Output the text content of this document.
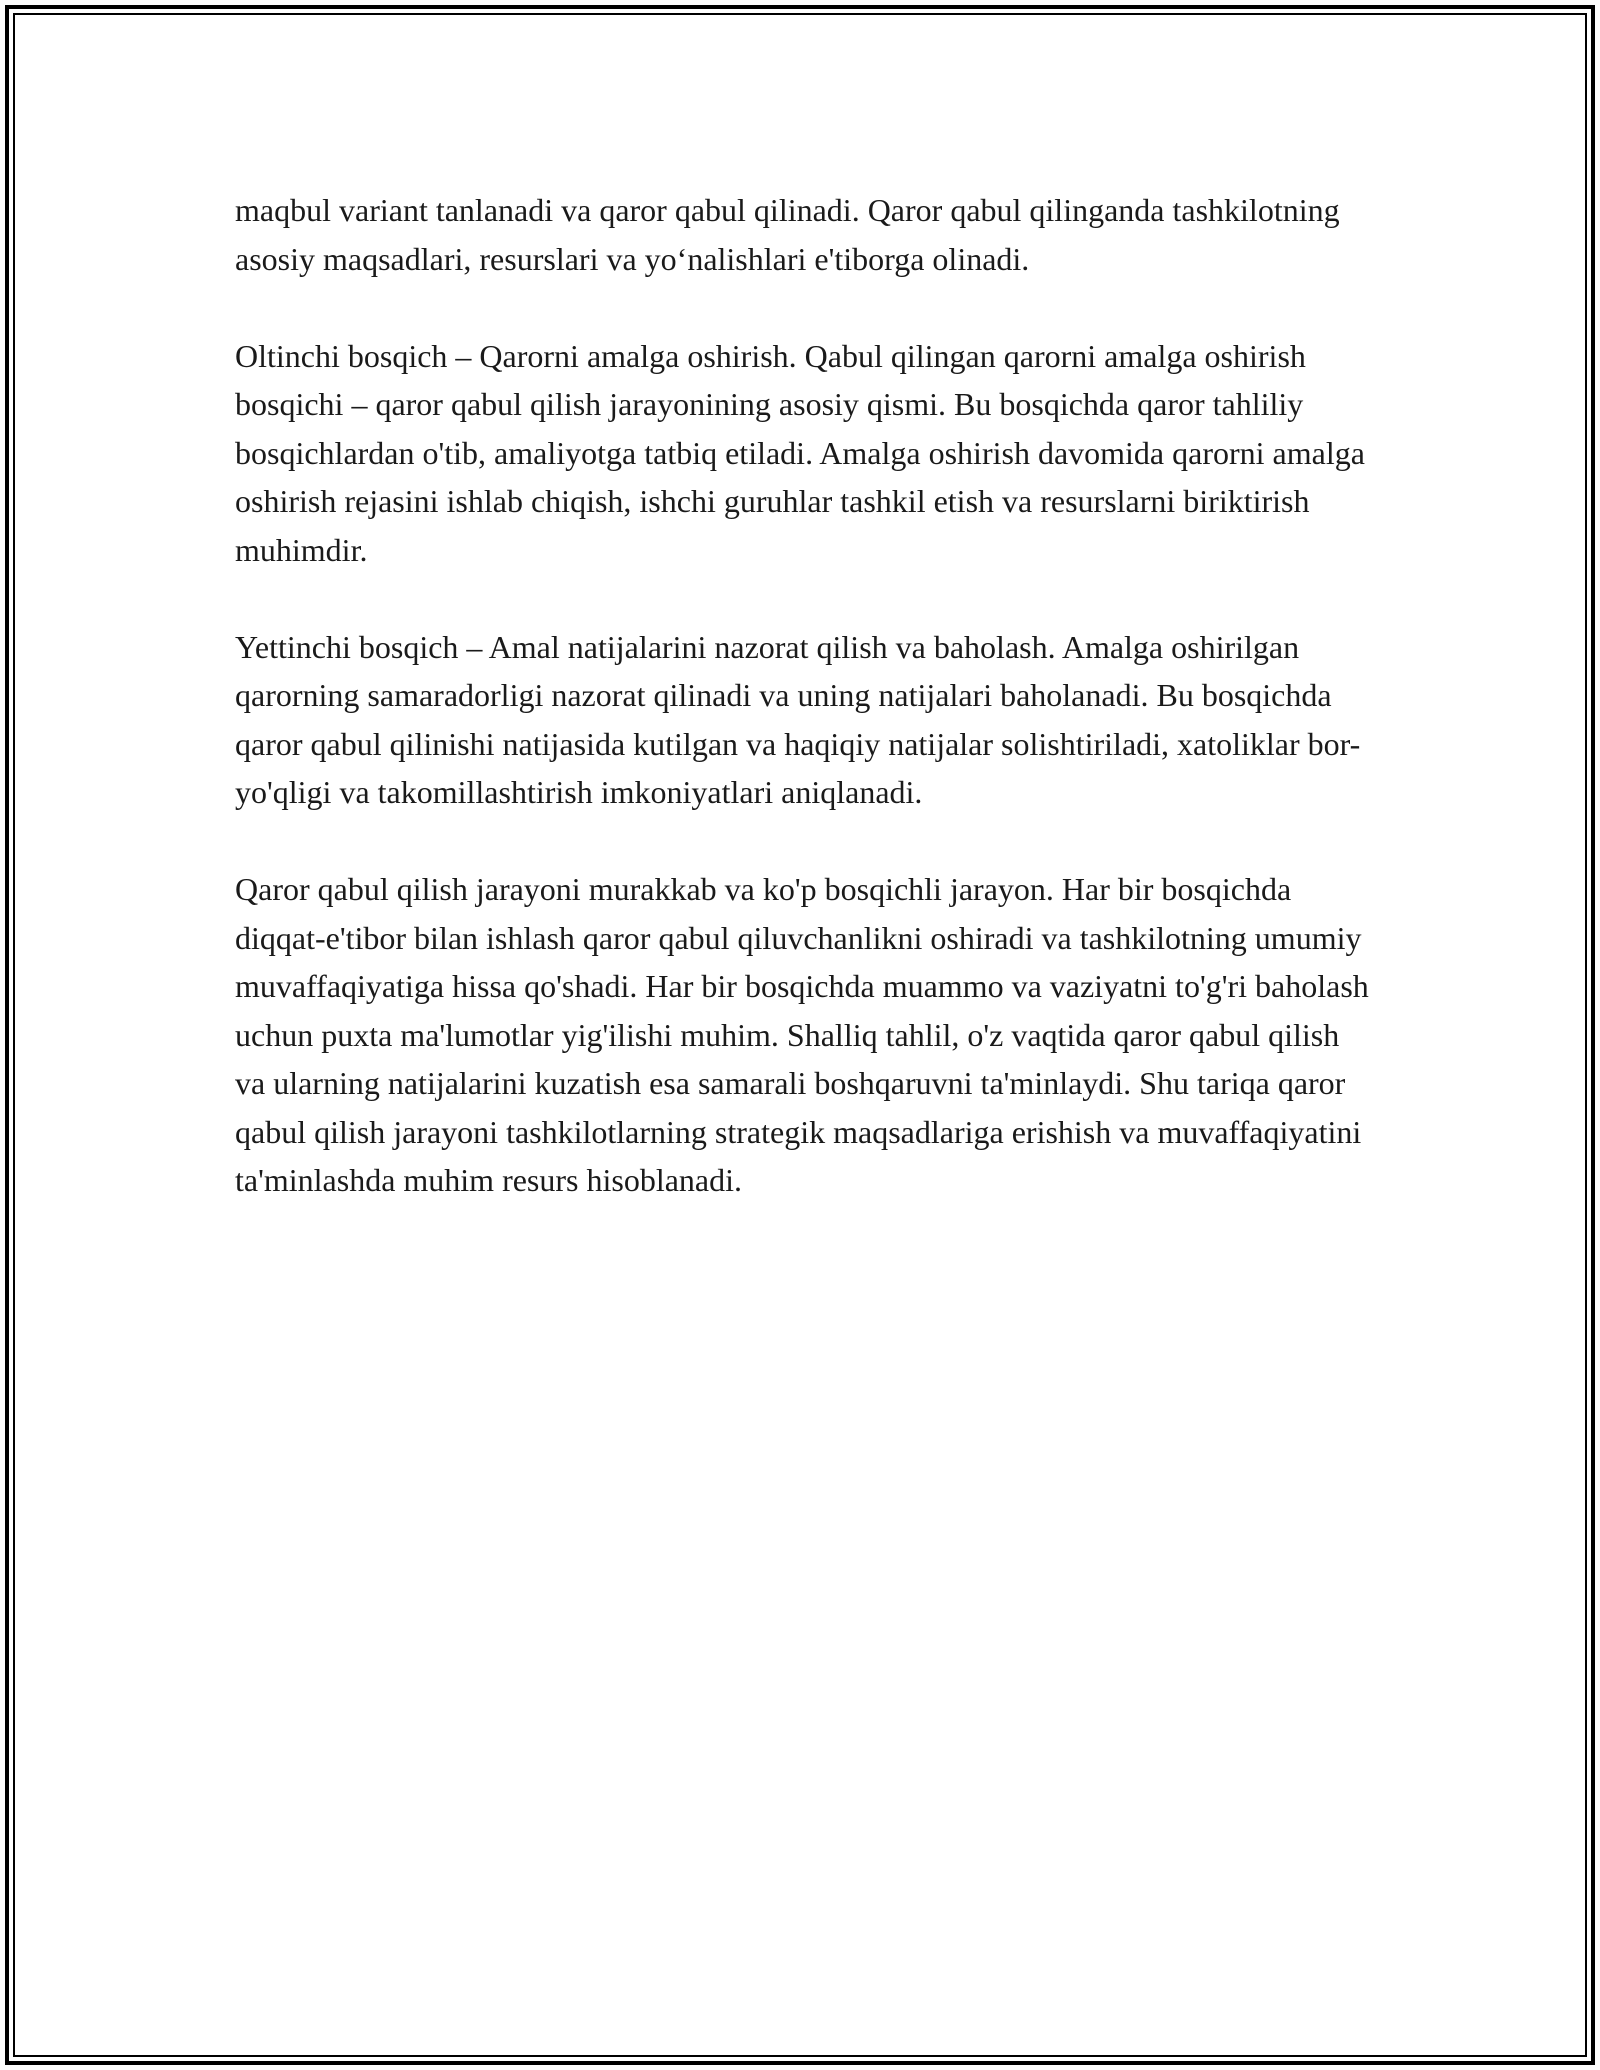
maqbul variant tanlanadi va qaror qabul qilinadi. Qaror qabul qilinganda tashkilotning asosiy maqsadlari, resurslari va yo‘nalishlari e'tiborga olinadi.

Oltinchi bosqich – Qarorni amalga oshirish. Qabul qilingan qarorni amalga oshirish bosqichi – qaror qabul qilish jarayonining asosiy qismi. Bu bosqichda qaror tahliliy bosqichlardan o'tib, amaliyotga tatbiq etiladi. Amalga oshirish davomida qarorni amalga oshirish rejasini ishlab chiqish, ishchi guruhlar tashkil etish va resurslarni biriktirish muhimdir.

Yettinchi bosqich – Amal natijalarini nazorat qilish va baholash. Amalga oshirilgan qarorning samaradorligi nazorat qilinadi va uning natijalari baholanadi. Bu bosqichda qaror qabul qilinishi natijasida kutilgan va haqiqiy natijalar solishtiriladi, xatoliklar bor-yo'qligi va takomillashtirish imkoniyatlari aniqlanadi.

Qaror qabul qilish jarayoni murakkab va ko'p bosqichli jarayon. Har bir bosqichda diqqat-e'tibor bilan ishlash qaror qabul qiluvchanlikni oshiradi va tashkilotning umumiy muvaffaqiyatiga hissa qo'shadi. Har bir bosqichda muammo va vaziyatni to'g'ri baholash uchun puxta ma'lumotlar yig'ilishi muhim. Shalliq tahlil, o'z vaqtida qaror qabul qilish va ularning natijalarini kuzatish esa samarali boshqaruvni ta'minlaydi. Shu tariqa qaror qabul qilish jarayoni tashkilotlarning strategik maqsadlariga erishish va muvaffaqiyatini ta'minlashda muhim resurs hisoblanadi.
